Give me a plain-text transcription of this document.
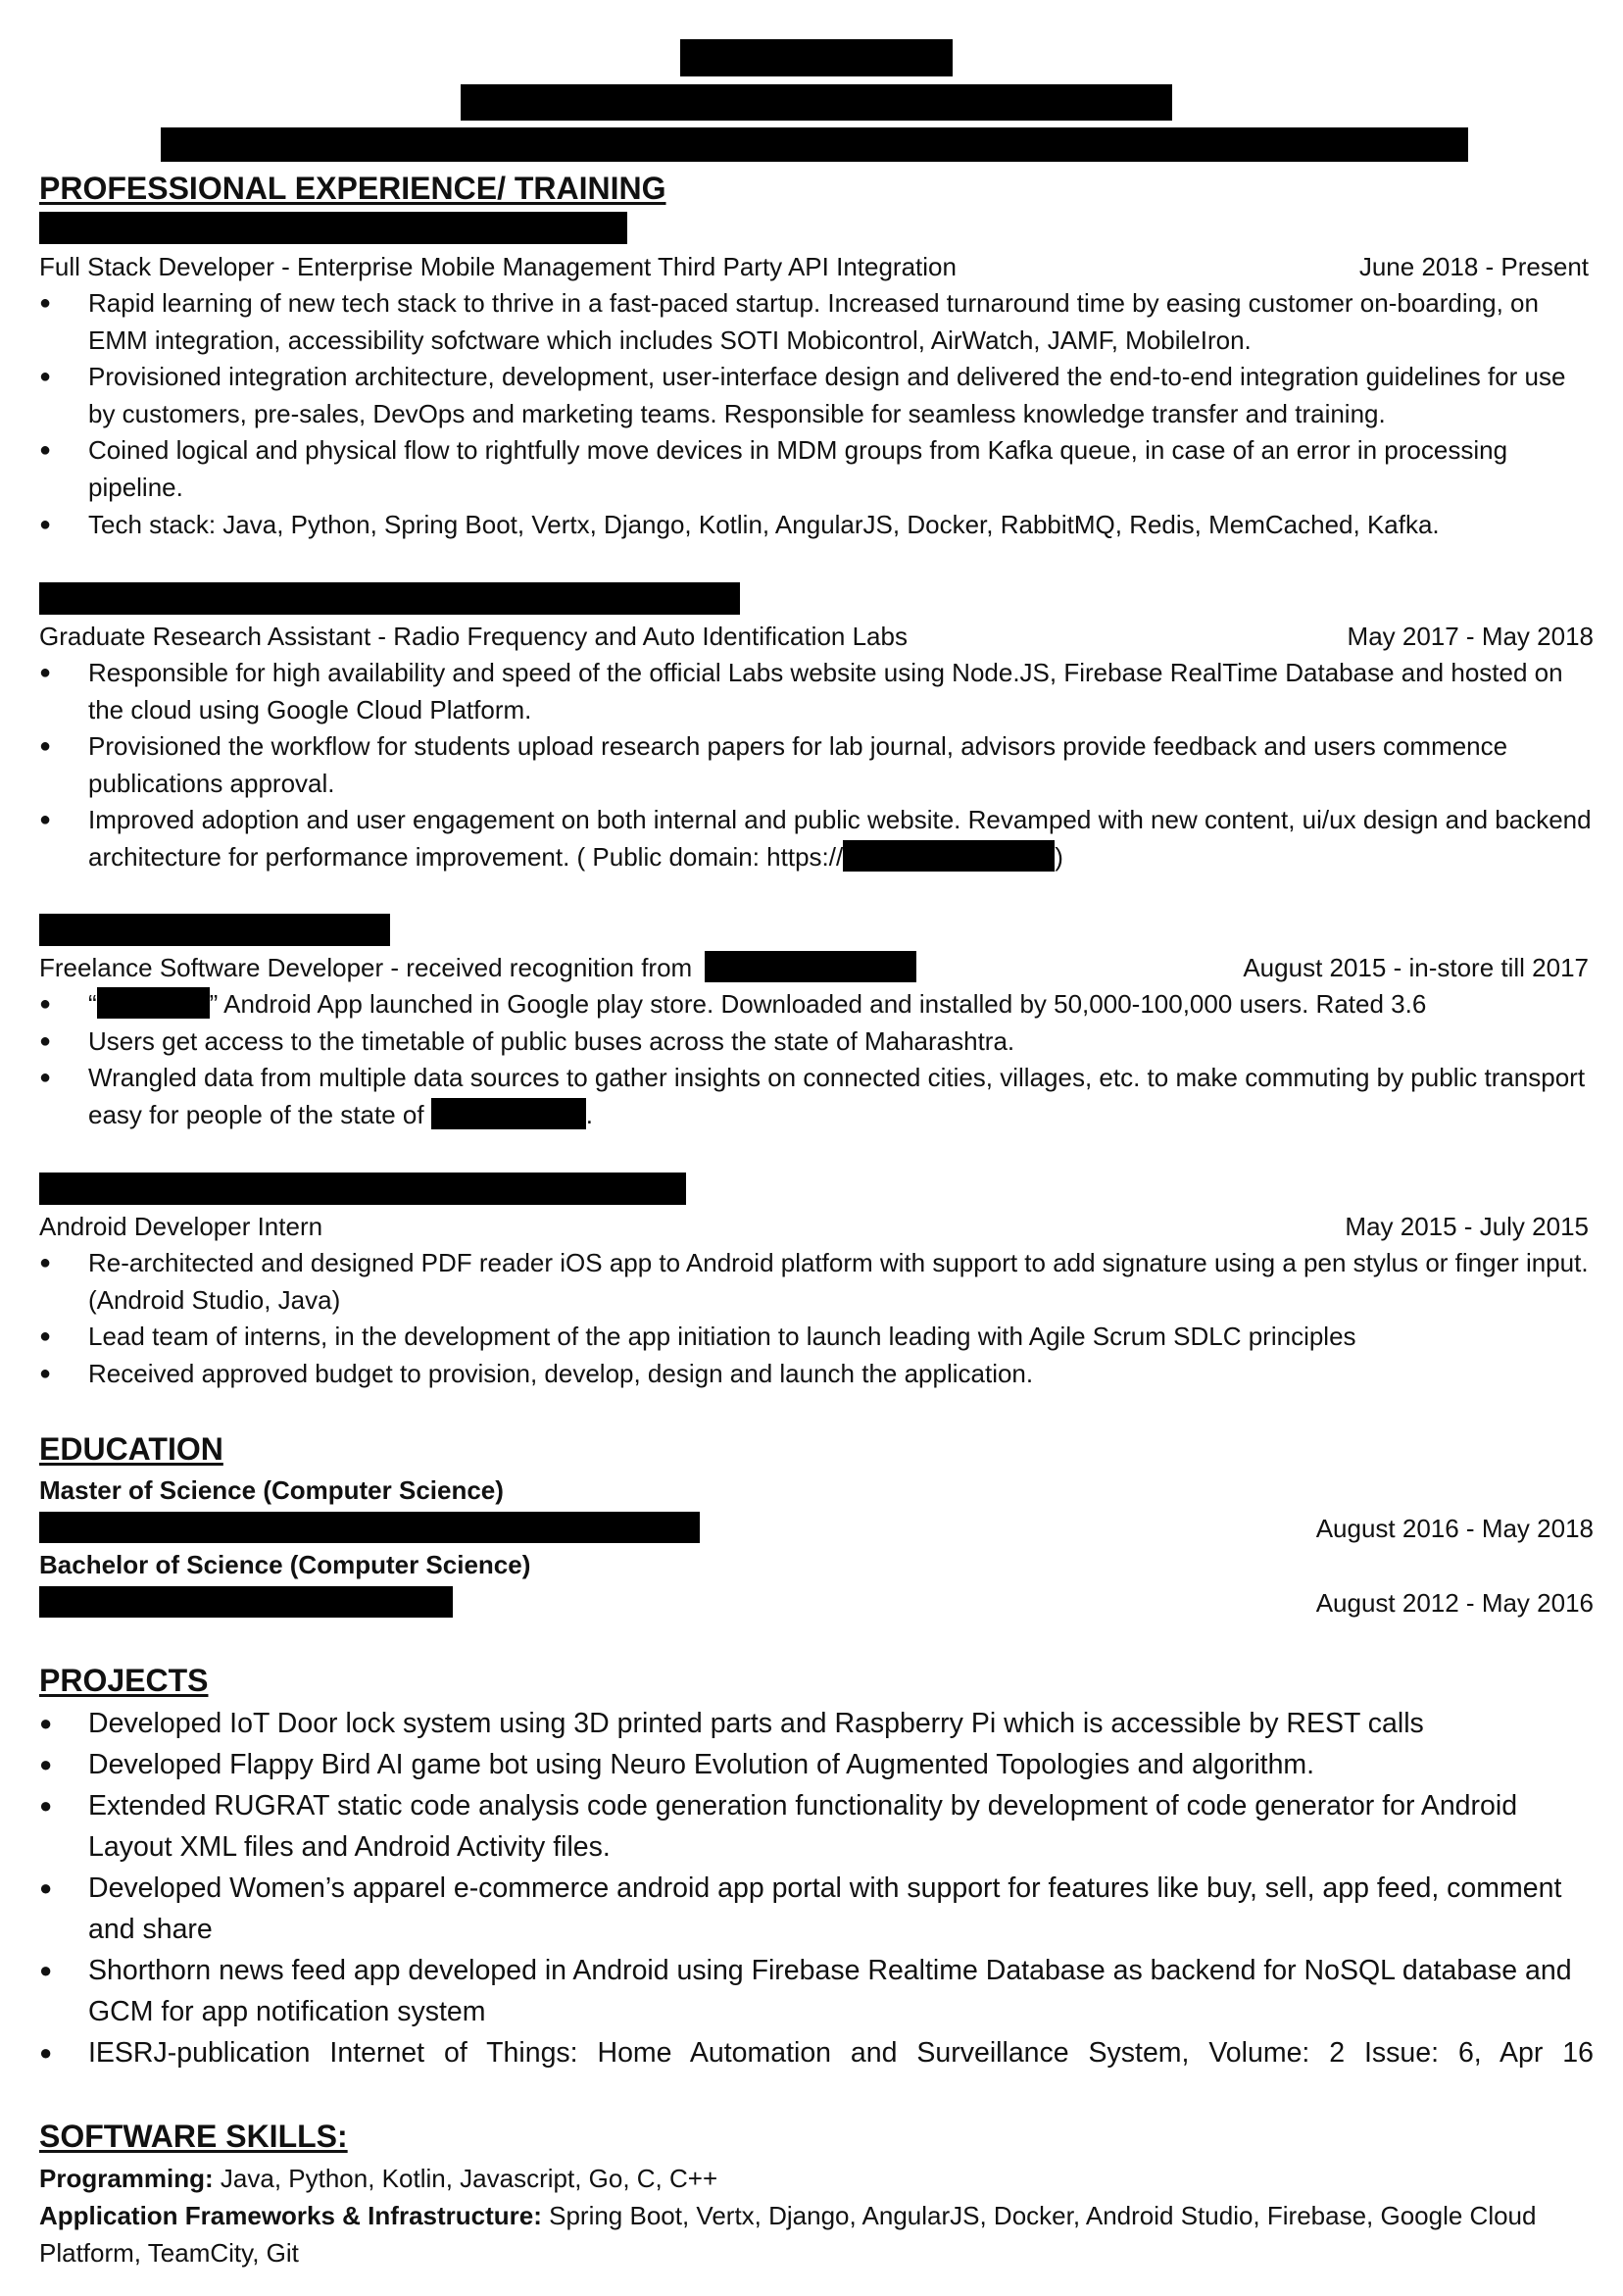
PROFESSIONAL EXPERIENCE/ TRAINING
Full Stack Developer - Enterprise Mobile Management Third Party API Integration	June 2018 - Present
● Rapid learning of new tech stack to thrive in a fast-paced startup. Increased turnaround time by easing customer on-boarding, on EMM integration, accessibility sofctware which includes SOTI Mobicontrol, AirWatch, JAMF, MobileIron.
● Provisioned integration architecture, development, user-interface design and delivered the end-to-end integration guidelines for use by customers, pre-sales, DevOps and marketing teams. Responsible for seamless knowledge transfer and training.
● Coined logical and physical flow to rightfully move devices in MDM groups from Kafka queue, in case of an error in processing pipeline.
● Tech stack: Java, Python, Spring Boot, Vertx, Django, Kotlin, AngularJS, Docker, RabbitMQ, Redis, MemCached, Kafka.
Graduate Research Assistant - Radio Frequency and Auto Identification Labs	May 2017 - May 2018
● Responsible for high availability and speed of the official Labs website using Node.JS, Firebase RealTime Database and hosted on the cloud using Google Cloud Platform.
● Provisioned the workflow for students upload research papers for lab journal, advisors provide feedback and users commence publications approval.
● Improved adoption and user engagement on both internal and public website. Revamped with new content, ui/ux design and backend architecture for performance improvement. ( Public domain: https://	)
Freelance Software Developer - received recognition from	August 2015 - in-store till 2017
● “	” Android App launched in Google play store. Downloaded and installed by 50,000-100,000 users. Rated 3.6
● Users get access to the timetable of public buses across the state of Maharashtra.
● Wrangled data from multiple data sources to gather insights on connected cities, villages, etc. to make commuting by public transport easy for people of the state of	.
Android Developer Intern	May 2015 - July 2015
● Re-architected and designed PDF reader iOS app to Android platform with support to add signature using a pen stylus or finger input. (Android Studio, Java)
● Lead team of interns, in the development of the app initiation to launch leading with Agile Scrum SDLC principles
● Received approved budget to provision, develop, design and launch the application.
EDUCATION
Master of Science (Computer Science)
August 2016 - May 2018
Bachelor of Science (Computer Science)
August 2012 - May 2016
PROJECTS
● Developed IoT Door lock system using 3D printed parts and Raspberry Pi which is accessible by REST calls
● Developed Flappy Bird AI game bot using Neuro Evolution of Augmented Topologies and algorithm.
● Extended RUGRAT static code analysis code generation functionality by development of code generator for Android Layout XML files and Android Activity files.
● Developed Women’s apparel e-commerce android app portal with support for features like buy, sell, app feed, comment and share
● Shorthorn news feed app developed in Android using Firebase Realtime Database as backend for NoSQL database and GCM for app notification system
● IESRJ-publication Internet of Things: Home Automation and Surveillance System, Volume: 2 Issue: 6, Apr 16
SOFTWARE SKILLS:
Programming: Java, Python, Kotlin, Javascript, Go, C, C++
Application Frameworks & Infrastructure: Spring Boot, Vertx, Django, AngularJS, Docker, Android Studio, Firebase, Google Cloud Platform, TeamCity, Git
